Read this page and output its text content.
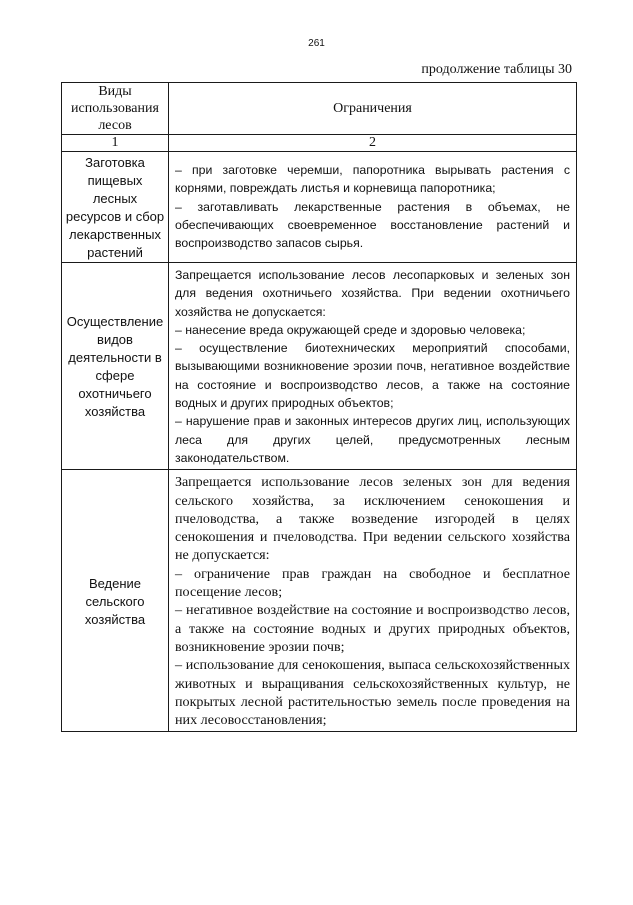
261
продолжение таблицы 30
Виды использования лесов	Ограничения
1	2
Заготовка пищевых лесных ресурсов и сбор лекарственных растений	– при заготовке черемши, папоротника вырывать растения с корнями, повреждать листья и корневища папоротника;

– заготавливать лекарственные растения в объемах, не обеспечивающих своевременное восстановление растений и воспроизводство запасов сырья.

Осуществление видов деятельности в сфере охотничьего хозяйства	Запрещается использование лесов лесопарковых и зеленых зон для ведения охотничьего хозяйства. При ведении охотничьего хозяйства не допускается:

– нанесение вреда окружающей среде и здоровью человека;

– осуществление биотехнических мероприятий способами, вызывающими возникновение эрозии почв, негативное воздействие на состояние и воспроизводство лесов, а также на состояние водных и других природных объектов;

– нарушение прав и законных интересов других лиц, использующих леса для других целей, предусмотренных лесным законодательством.

Ведение сельского хозяйства	Запрещается использование лесов зеленых зон для ведения сельского хозяйства, за исключением сенокошения и пчеловодства, а также возведение изгородей в целях сенокошения и пчеловодства. При ведении сельского хозяйства не допускается:

– ограничение прав граждан на свободное и бесплатное посещение лесов;

– негативное воздействие на состояние и воспроизводство лесов, а также на состояние водных и других природных объектов, возникновение эрозии почв;

– использование для сенокошения, выпаса сельскохозяйственных животных и выращивания сельскохозяйственных культур, не покрытых лесной растительностью земель после проведения на них лесовосстановления;
